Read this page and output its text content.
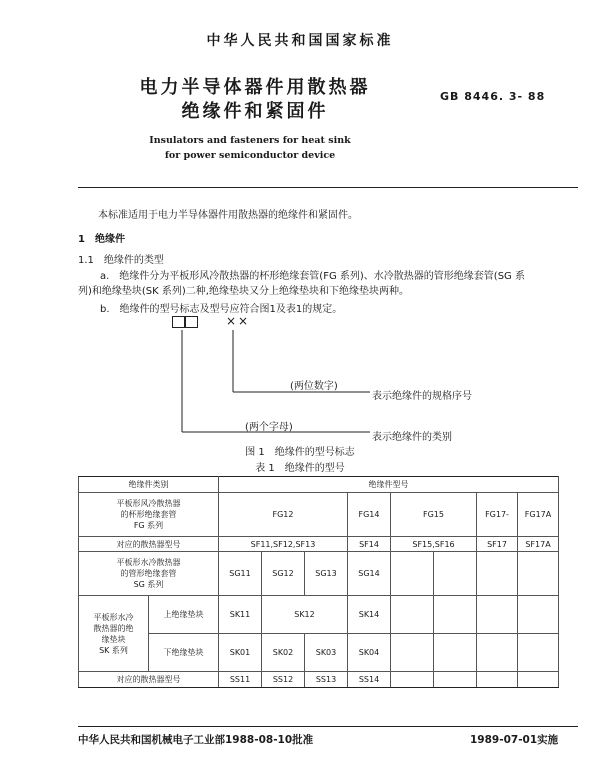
中华人民共和国国家标准
电力半导体器件用散热器
绝缘件和紧固件
GB 8446. 3- 88
Insulators and fasteners for heat sink
for power semiconductor device
本标准适用于电力半导体器件用散热器的绝缘件和紧固件。
1　绝缘件
1.1　绝缘件的类型
a.　绝缘件分为平板形风冷散热器的杯形绝缘套管(FG 系列)、水冷散热器的管形绝缘套管(SG 系
列)和绝缘垫块(SK 系列)二种,绝缘垫块又分上绝缘垫块和下绝缘垫块两种。
b.　绝缘件的型号标志及型号应符合图1及表1的规定。
××
(两位数字)
表示绝缘件的规格序号
(两个字母)
表示绝缘件的类别
图 1　绝缘件的型号标志
表 1　绝缘件的型号
绝缘件类别		绝缘件型号							

平板形风冷散热器
的杯形绝缘套管
FG 系列		FG12			FG14	FG15		FG17-	FG17A
对应的散热器型号		SF11,SF12,SF13			SF14	SF15,SF16		SF17	SF17A

平板形水冷散热器
的管形绝缘套管
SG 系列		SG11	SG12	SG13	SG14				

平板形水冷
散热器的绝
缘垫块
SK 系列	上绝缘垫块	SK11	SK12		SK14				
	下绝缘垫块	SK01	SK02	SK03	SK04				
对应的散热器型号		SS11	SS12	SS13	SS14				
中华人民共和国机械电子工业部1988-08-10批准	1989-07-01实施
